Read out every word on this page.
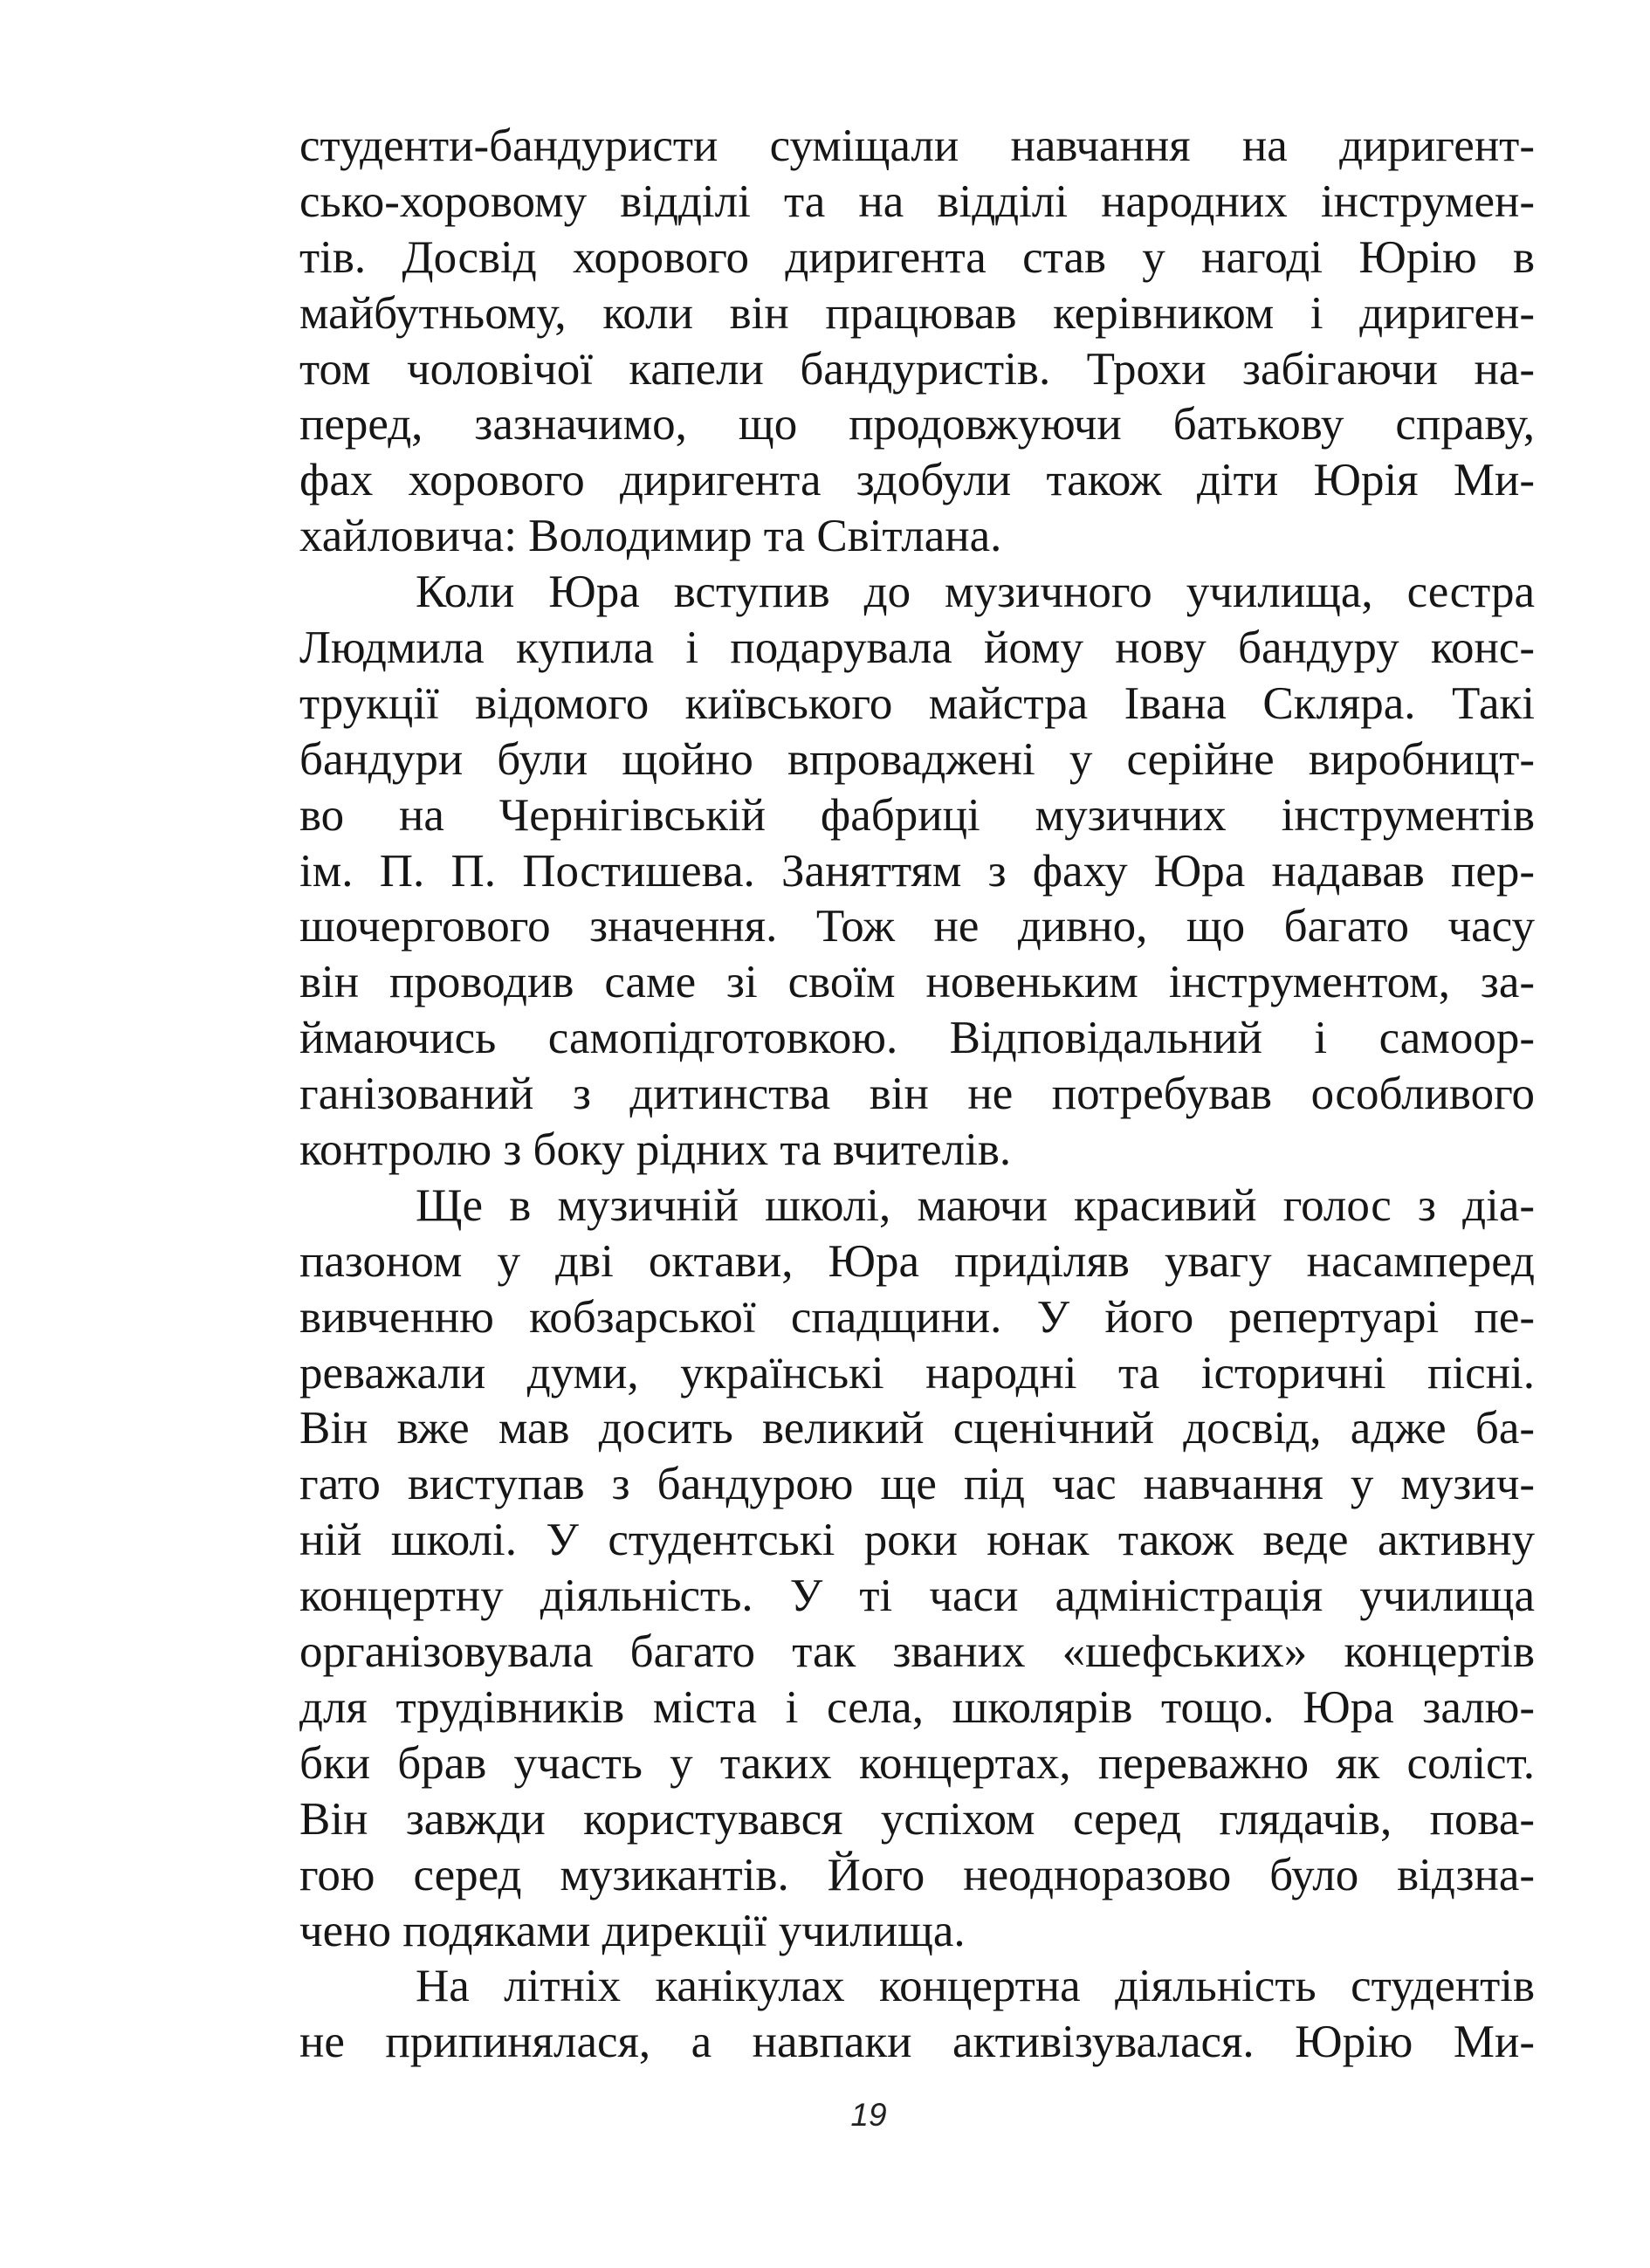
студенти-бандуристи суміщали навчання на диригент-
сько-хоровому відділі та на відділі народних інструмен-
тів. Досвід хорового диригента став у нагоді Юрію в
майбутньому, коли він працював керівником і дириген-
том чоловічої капели бандуристів. Трохи забігаючи на-
перед, зазначимо, що продовжуючи батькову справу,
фах хорового диригента здобули також діти Юрія Ми-
хайловича: Володимир та Світлана.
Коли Юра вступив до музичного училища, сестра
Людмила купила і подарувала йому нову бандуру конс-
трукції відомого київського майстра Івана Скляра. Такі
бандури були щойно впроваджені у серійне виробницт-
во на Чернігівській фабриці музичних інструментів
ім. П. П. Постишева. Заняттям з фаху Юра надавав пер-
шочергового значення. Тож не дивно, що багато часу
він проводив саме зі своїм новеньким інструментом, за-
ймаючись самопідготовкою. Відповідальний і самоор-
ганізований з дитинства він не потребував особливого
контролю з боку рідних та вчителів.
Ще в музичній школі, маючи красивий голос з діа-
пазоном у дві октави, Юра приділяв увагу насамперед
вивченню кобзарської спадщини. У його репертуарі пе-
реважали думи, українські народні та історичні пісні.
Він вже мав досить великий сценічний досвід, адже ба-
гато виступав з бандурою ще під час навчання у музич-
ній школі. У студентські роки юнак також веде активну
концертну діяльність. У ті часи адміністрація училища
організовувала багато так званих «шефських» концертів
для трудівників міста і села, школярів тощо. Юра залю-
бки брав участь у таких концертах, переважно як соліст.
Він завжди користувався успіхом серед глядачів, пова-
гою серед музикантів. Його неодноразово було відзна-
чено подяками дирекції училища.
На літніх канікулах концертна діяльність студентів
не припинялася, а навпаки активізувалася. Юрію Ми-
19
